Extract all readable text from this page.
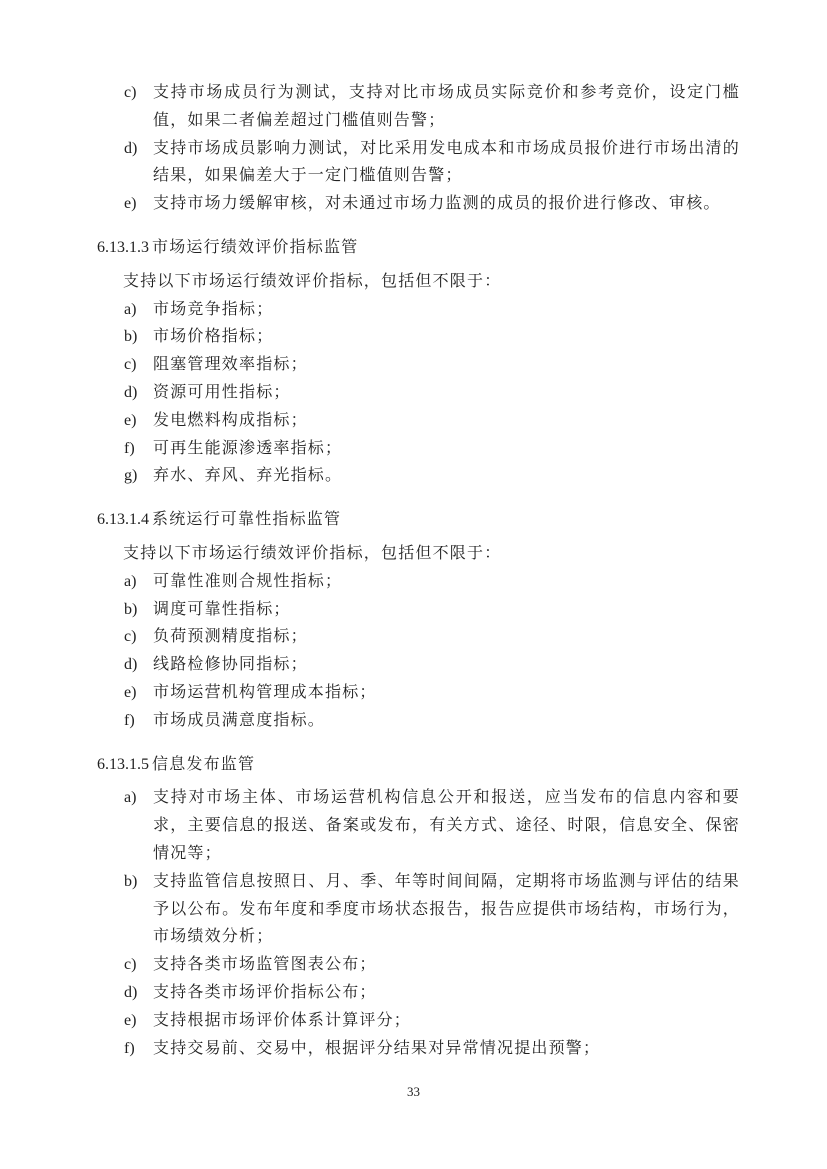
c)	支持市场成员行为测试，支持对比市场成员实际竞价和参考竞价，设定门槛值，如果二者偏差超过门槛值则告警；
d) 支持市场成员影响力测试，对比采用发电成本和市场成员报价进行市场出清的结果，如果偏差大于一定门槛值则告警；
e)	支持市场力缓解审核，对未通过市场力监测的成员的报价进行修改、审核。
6.13.1.3 市场运行绩效评价指标监管
支持以下市场运行绩效评价指标，包括但不限于：
a)	市场竞争指标；
b) 市场价格指标；
c)	阻塞管理效率指标；
d) 资源可用性指标；
e)	发电燃料构成指标；
f)	可再生能源渗透率指标；
g) 弃水、弃风、弃光指标。
6.13.1.4 系统运行可靠性指标监管
支持以下市场运行绩效评价指标，包括但不限于：
a)	可靠性准则合规性指标；
b) 调度可靠性指标；
c)	负荷预测精度指标；
d) 线路检修协同指标；
e)	市场运营机构管理成本指标；
f)	市场成员满意度指标。
6.13.1.5 信息发布监管
a)	支持对市场主体、市场运营机构信息公开和报送，应当发布的信息内容和要求，主要信息的报送、备案或发布，有关方式、途径、时限，信息安全、保密情况等；
b) 支持监管信息按照日、月、季、年等时间间隔，定期将市场监测与评估的结果予以公布。发布年度和季度市场状态报告，报告应提供市场结构，市场行为，市场绩效分析；
c)	支持各类市场监管图表公布；
d) 支持各类市场评价指标公布；
e)	支持根据市场评价体系计算评分；
f)	支持交易前、交易中，根据评分结果对异常情况提出预警；
33
